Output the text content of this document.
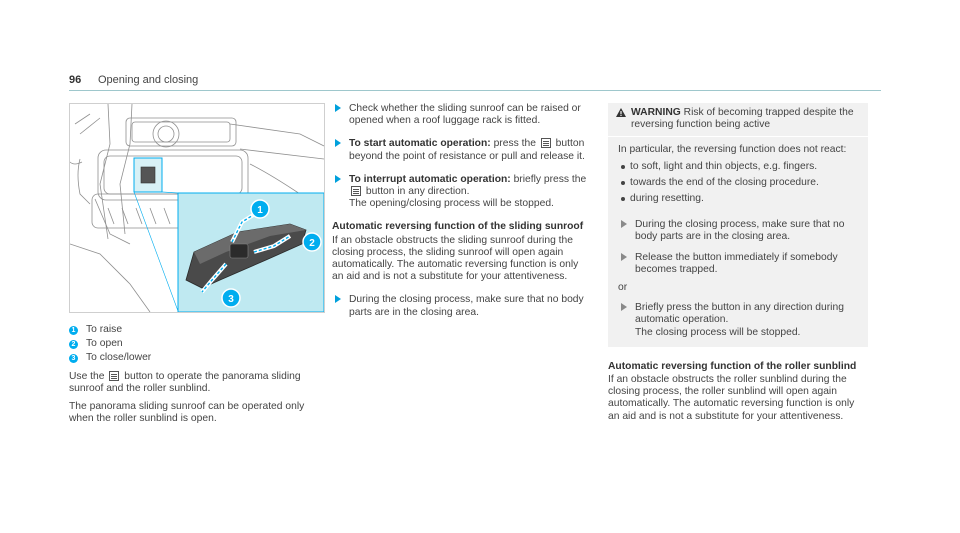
96 Opening and closing
1
2
3
1 To raise
2 To open
3 To close/lower
Use the button to operate the panorama sliding sunroof and the roller sunblind.
The panorama sliding sunroof can be operated only when the roller sunblind is open.
Check whether the sliding sunroof can be raised or opened when a roof luggage rack is fitted.
To start automatic operation: press the button beyond the point of resistance or pull and release it.
To interrupt automatic operation: briefly press the  button in any direction.
The opening/closing process will be stopped.
Automatic reversing function of the sliding sunroof
If an obstacle obstructs the sliding sunroof during the closing process, the sliding sunroof will open again automatically. The automatic reversing function is only an aid and is not a substitute for your attentiveness.
During the closing process, make sure that no body parts are in the closing area.
WARNING Risk of becoming trapped despite the reversing function being active
In particular, the reversing function does not react:
to soft, light and thin objects, e.g. fingers.
towards the end of the closing procedure.
during resetting.
During the closing process, make sure that no body parts are in the closing area.
Release the button immediately if somebody becomes trapped.
or
Briefly press the button in any direction during automatic operation.
The closing process will be stopped.
Automatic reversing function of the roller sunblind
If an obstacle obstructs the roller sunblind during the closing process, the roller sunblind will open again automatically. The automatic reversing function is only an aid and is not a substitute for your attentiveness.
